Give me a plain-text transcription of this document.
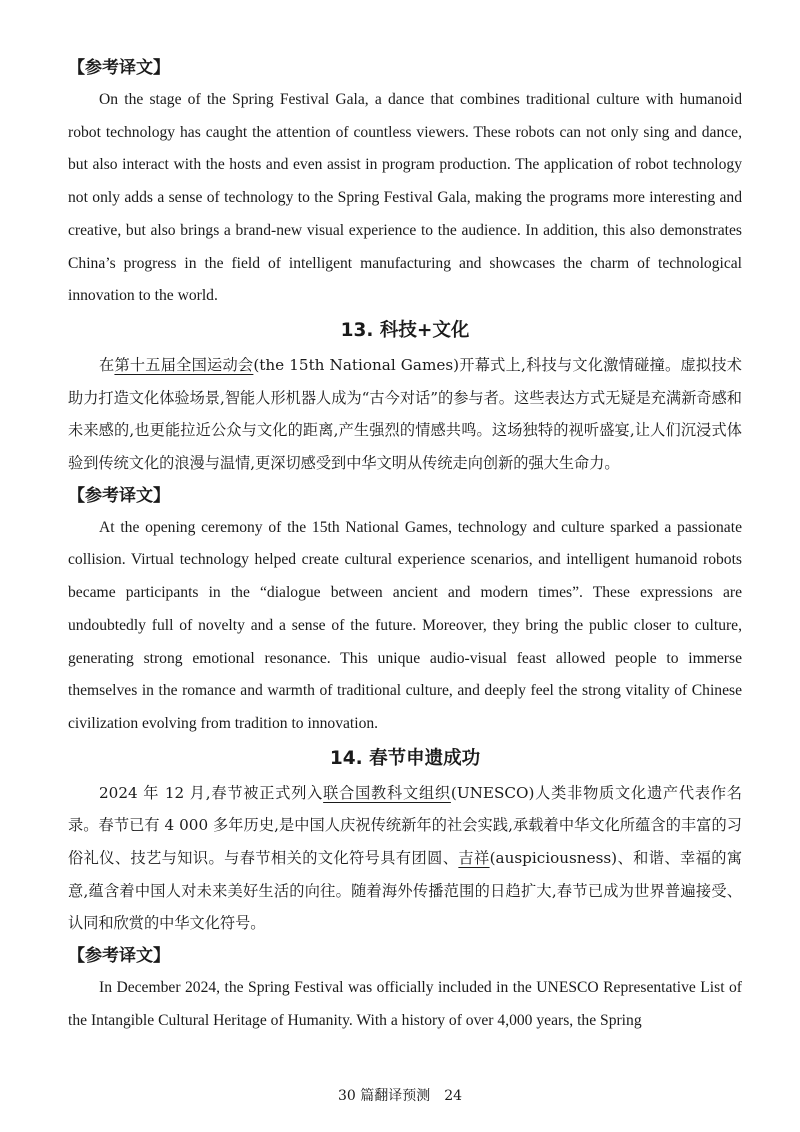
【参考译文】

On the stage of the Spring Festival Gala, a dance that combines traditional culture with humanoid robot technology has caught the attention of countless viewers. These robots can not only sing and dance, but also interact with the hosts and even assist in program production. The application of robot technology not only adds a sense of technology to the Spring Festival Gala, making the programs more interesting and creative, but also brings a brand-new visual experience to the audience. In addition, this also demonstrates China’s progress in the field of intelligent manufacturing and showcases the charm of technological innovation to the world.

13. 科技+文化

在第十五届全国运动会(the 15th National Games)开幕式上,科技与文化激情碰撞。虚拟技术助力打造文化体验场景,智能人形机器人成为“古今对话”的参与者。这些表达方式无疑是充满新奇感和未来感的,也更能拉近公众与文化的距离,产生强烈的情感共鸣。这场独特的视听盛宴,让人们沉浸式体验到传统文化的浪漫与温情,更深切感受到中华文明从传统走向创新的强大生命力。

【参考译文】

At the opening ceremony of the 15th National Games, technology and culture sparked a passionate collision. Virtual technology helped create cultural experience scenarios, and intelligent humanoid robots became participants in the “dialogue between ancient and modern times”. These expressions are undoubtedly full of novelty and a sense of the future. Moreover, they bring the public closer to culture, generating strong emotional resonance. This unique audio-visual feast allowed people to immerse themselves in the romance and warmth of traditional culture, and deeply feel the strong vitality of Chinese civilization evolving from tradition to innovation.

14. 春节申遗成功

2024 年 12 月,春节被正式列入联合国教科文组织(UNESCO)人类非物质文化遗产代表作名录。春节已有 4 000 多年历史,是中国人庆祝传统新年的社会实践,承载着中华文化所蕴含的丰富的习俗礼仪、技艺与知识。与春节相关的文化符号具有团圆、吉祥(auspiciousness)、和谐、幸福的寓意,蕴含着中国人对未来美好生活的向往。随着海外传播范围的日趋扩大,春节已成为世界普遍接受、认同和欣赏的中华文化符号。

【参考译文】

In December 2024, the Spring Festival was officially included in the UNESCO Representative List of the Intangible Cultural Heritage of Humanity. With a history of over 4,000 years, the Spring

30 篇翻译预测 24
